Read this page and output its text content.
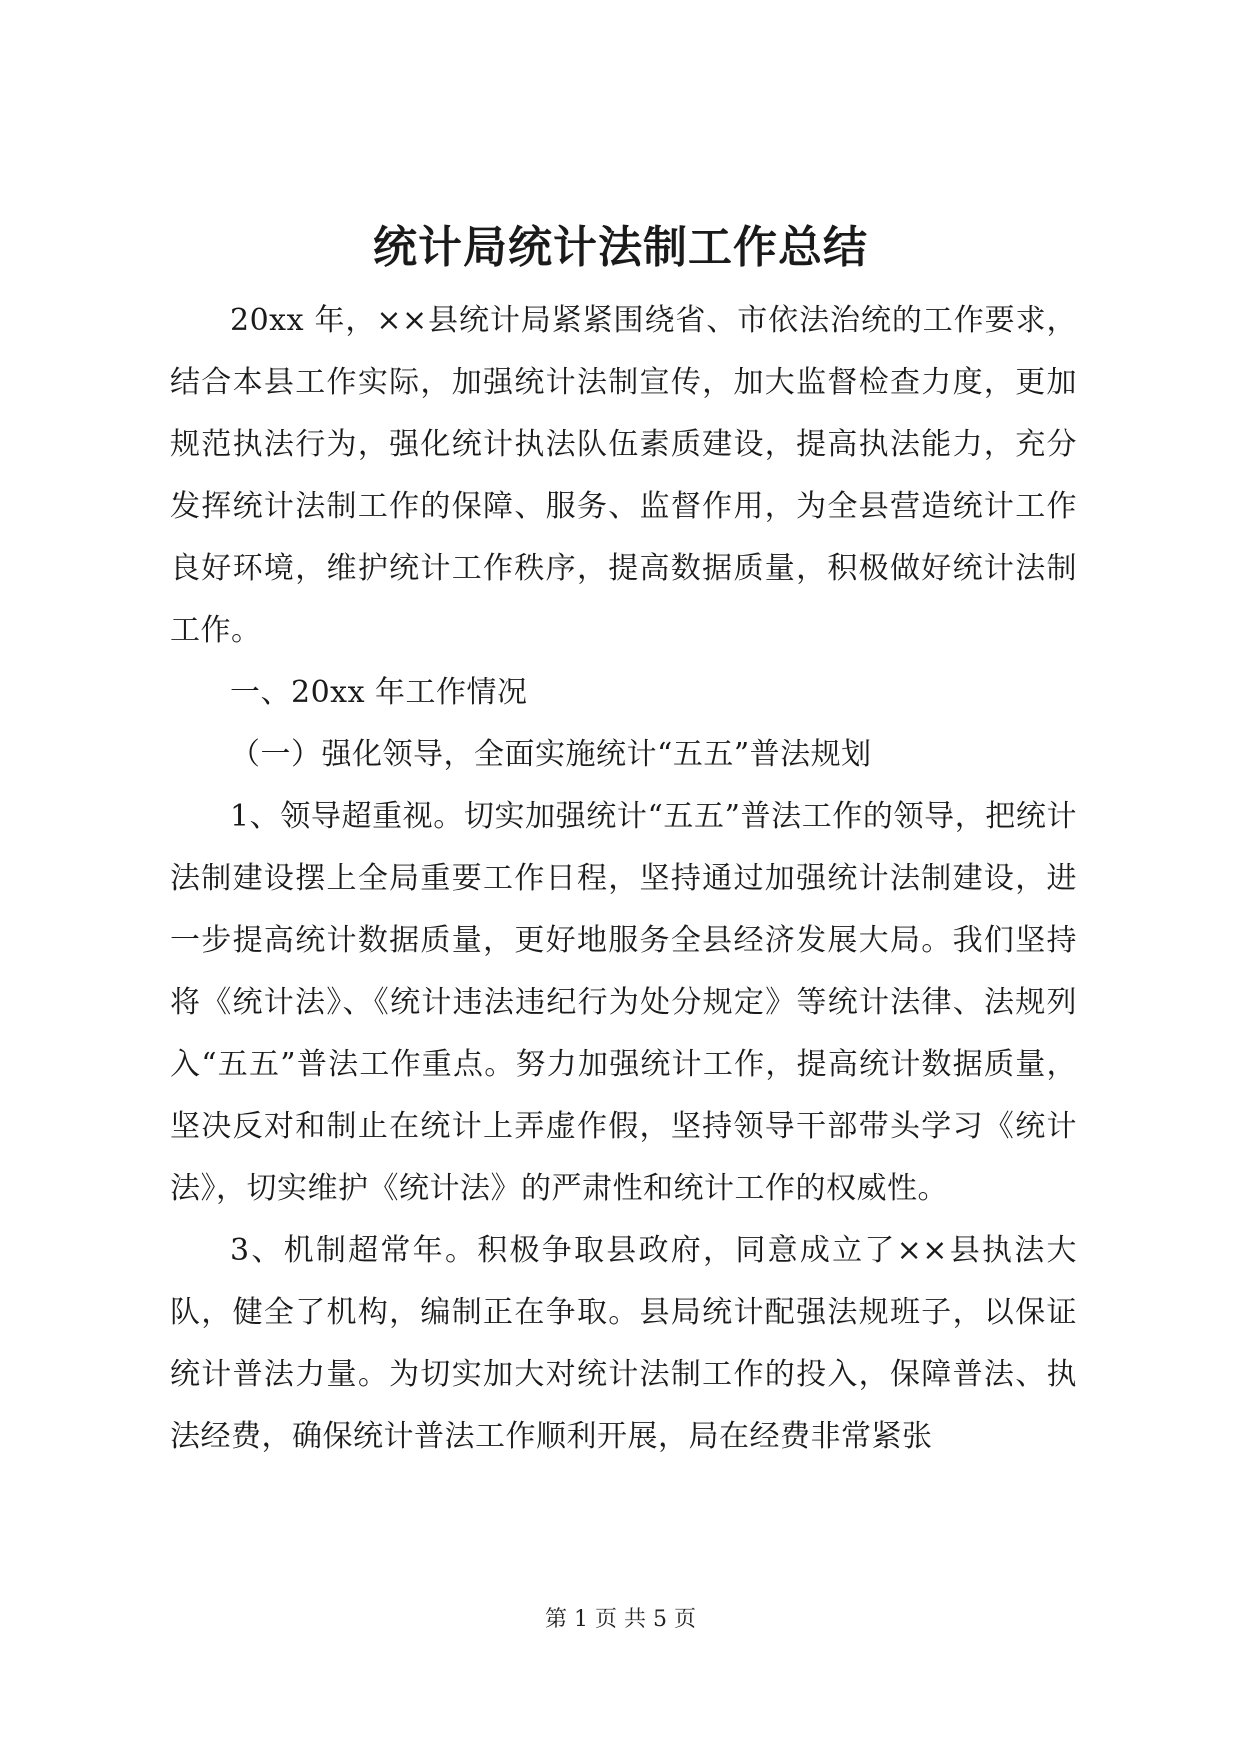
统计局统计法制工作总结

20xx 年，××县统计局紧紧围绕省、市依法治统的工作要求，结合本县工作实际，加强统计法制宣传，加大监督检查力度，更加规范执法行为，强化统计执法队伍素质建设，提高执法能力，充分发挥统计法制工作的保障、服务、监督作用，为全县营造统计工作良好环境，维护统计工作秩序，提高数据质量，积极做好统计法制工作。

一、20xx 年工作情况

（一）强化领导，全面实施统计“五五”普法规划

1、领导超重视。切实加强统计“五五”普法工作的领导，把统计法制建设摆上全局重要工作日程，坚持通过加强统计法制建设，进一步提高统计数据质量，更好地服务全县经济发展大局。我们坚持将《统计法》、《统计违法违纪行为处分规定》等统计法律、法规列入“五五”普法工作重点。努力加强统计工作，提高统计数据质量，坚决反对和制止在统计上弄虚作假，坚持领导干部带头学习《统计法》，切实维护《统计法》的严肃性和统计工作的权威性。

3、机制超常年。积极争取县政府，同意成立了××县执法大队，健全了机构，编制正在争取。县局统计配强法规班子，以保证统计普法力量。为切实加大对统计法制工作的投入，保障普法、执法经费，确保统计普法工作顺利开展，局在经费非常紧张

第 1 页 共 5 页
